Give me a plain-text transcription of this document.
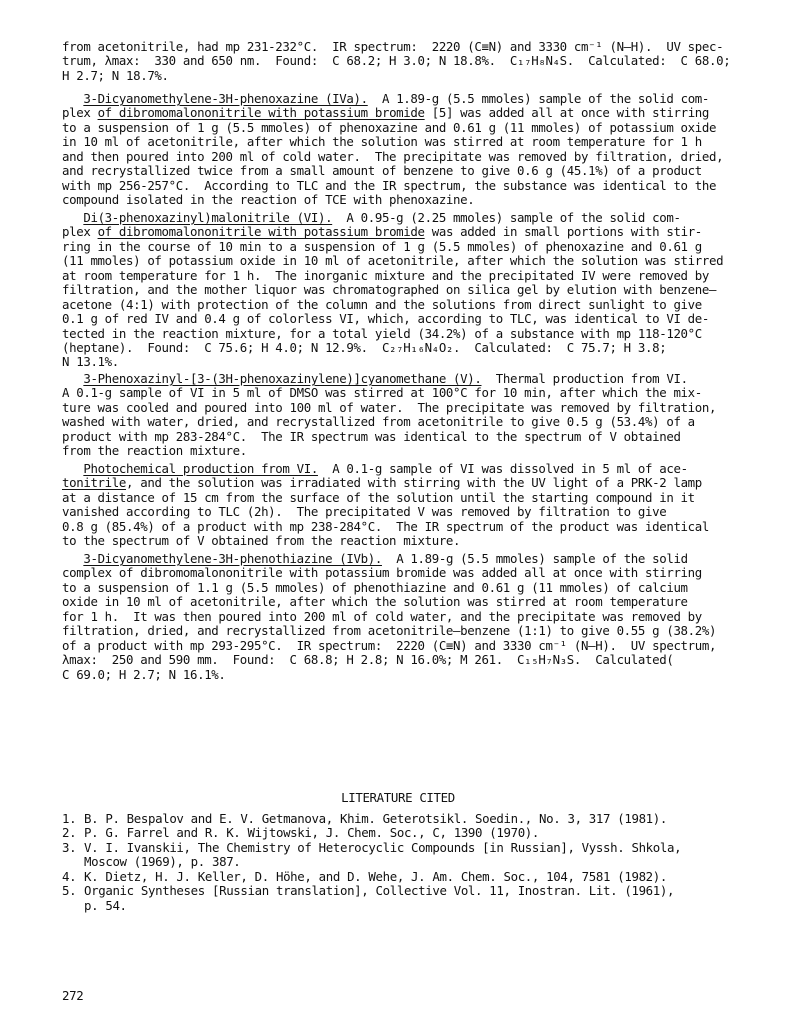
from acetonitrile, had mp 231-232°C.  IR spectrum:  2220 (C≡N) and 3330 cm⁻¹ (N—H).  UV spec-
trum, λmax:  330 and 650 nm.  Found:  C 68.2; H 3.0; N 18.8%.  C₁₇H₈N₄S.  Calculated:  C 68.0;
H 2.7; N 18.7%.
3-Dicyanomethylene-3H-phenoxazine (IVa).  A 1.89-g (5.5 mmoles) sample of the solid com-
plex of dibromomalononitrile with potassium bromide [5] was added all at once with stirring
to a suspension of 1 g (5.5 mmoles) of phenoxazine and 0.61 g (11 mmoles) of potassium oxide
in 10 ml of acetonitrile, after which the solution was stirred at room temperature for 1 h
and then poured into 200 ml of cold water.  The precipitate was removed by filtration, dried,
and recrystallized twice from a small amount of benzene to give 0.6 g (45.1%) of a product
with mp 256-257°C.  According to TLC and the IR spectrum, the substance was identical to the
compound isolated in the reaction of TCE with phenoxazine.
Di(3-phenoxazinyl)malonitrile (VI).  A 0.95-g (2.25 mmoles) sample of the solid com-
plex of dibromomalononitrile with potassium bromide was added in small portions with stir-
ring in the course of 10 min to a suspension of 1 g (5.5 mmoles) of phenoxazine and 0.61 g
(11 mmoles) of potassium oxide in 10 ml of acetonitrile, after which the solution was stirred
at room temperature for 1 h.  The inorganic mixture and the precipitated IV were removed by
filtration, and the mother liquor was chromatographed on silica gel by elution with benzene—
acetone (4:1) with protection of the column and the solutions from direct sunlight to give
0.1 g of red IV and 0.4 g of colorless VI, which, according to TLC, was identical to VI de-
tected in the reaction mixture, for a total yield (34.2%) of a substance with mp 118-120°C
(heptane).  Found:  C 75.6; H 4.0; N 12.9%.  C₂₇H₁₆N₄O₂.  Calculated:  C 75.7; H 3.8;
N 13.1%.
3-Phenoxazinyl-[3-(3H-phenoxazinylene)]cyanomethane (V).  Thermal production from VI.
A 0.1-g sample of VI in 5 ml of DMSO was stirred at 100°C for 10 min, after which the mix-
ture was cooled and poured into 100 ml of water.  The precipitate was removed by filtration,
washed with water, dried, and recrystallized from acetonitrile to give 0.5 g (53.4%) of a
product with mp 283-284°C.  The IR spectrum was identical to the spectrum of V obtained
from the reaction mixture.
Photochemical production from VI.  A 0.1-g sample of VI was dissolved in 5 ml of ace-
tonitrile, and the solution was irradiated with stirring with the UV light of a PRK-2 lamp
at a distance of 15 cm from the surface of the solution until the starting compound in it
vanished according to TLC (2h).  The precipitated V was removed by filtration to give
0.8 g (85.4%) of a product with mp 238-284°C.  The IR spectrum of the product was identical
to the spectrum of V obtained from the reaction mixture.
3-Dicyanomethylene-3H-phenothiazine (IVb).  A 1.89-g (5.5 mmoles) sample of the solid
complex of dibromomalononitrile with potassium bromide was added all at once with stirring
to a suspension of 1.1 g (5.5 mmoles) of phenothiazine and 0.61 g (11 mmoles) of calcium
oxide in 10 ml of acetonitrile, after which the solution was stirred at room temperature
for 1 h.  It was then poured into 200 ml of cold water, and the precipitate was removed by
filtration, dried, and recrystallized from acetonitrile—benzene (1:1) to give 0.55 g (38.2%)
of a product with mp 293-295°C.  IR spectrum:  2220 (C≡N) and 3330 cm⁻¹ (N—H).  UV spectrum,
λmax:  250 and 590 mm.  Found:  C 68.8; H 2.8; N 16.0%; M 261.  C₁₅H₇N₃S.  Calculated(
C 69.0; H 2.7; N 16.1%.
LITERATURE CITED
1. B. P. Bespalov and E. V. Getmanova, Khim. Geterotsikl. Soedin., No. 3, 317 (1981).
2. P. G. Farrel and R. K. Wijtowski, J. Chem. Soc., C, 1390 (1970).
3. V. I. Ivanskii, The Chemistry of Heterocyclic Compounds [in Russian], Vyssh. Shkola,
Moscow (1969), p. 387.
4. K. Dietz, H. J. Keller, D. Höhe, and D. Wehe, J. Am. Chem. Soc., 104, 7581 (1982).
5. Organic Syntheses [Russian translation], Collective Vol. 11, Inostran. Lit. (1961),
p. 54.
272
